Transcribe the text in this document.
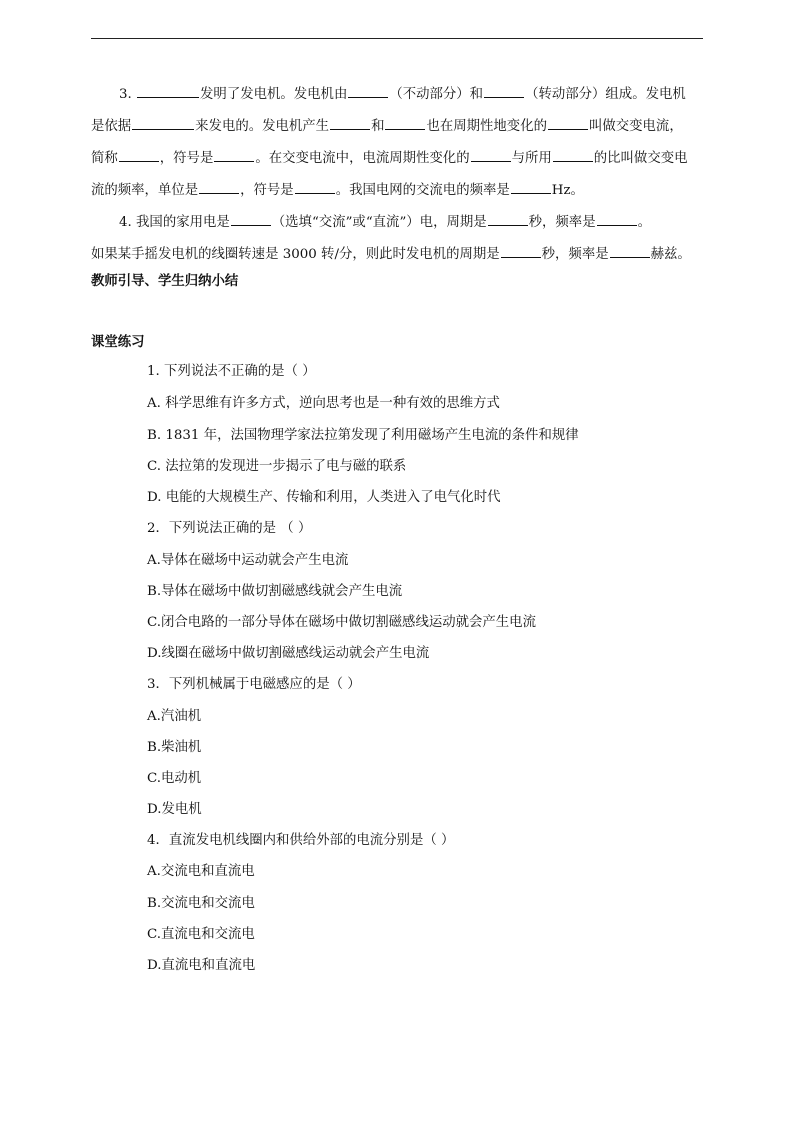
3.	发明了发电机。发电机由	（不动部分）和	（转动部分）组成。发电机
是依据	来发电的。发电机产生	和	也在周期性地变化的	叫做交变电流，
简称	，符号是	。在交变电流中，电流周期性变化的	与所用	的比叫做交变电
流的频率，单位是	，符号是	。我国电网的交流电的频率是	Hz。
4. 我国的家用电是	（选填“交流”或“直流”）电，周期是	秒，频率是	。
如果某手摇发电机的线圈转速是 3000 转/分，则此时发电机的周期是	秒，频率是	赫兹。
教师引导、学生归纳小结
课堂练习
1. 下列说法不正确的是（ ）
A. 科学思维有许多方式，逆向思考也是一种有效的思维方式
B. 1831 年，法国物理学家法拉第发现了利用磁场产生电流的条件和规律
C. 法拉第的发现进一步揭示了电与磁的联系
D. 电能的大规模生产、传输和利用，人类进入了电气化时代
2．下列说法正确的是 （ ）
A.导体在磁场中运动就会产生电流
B.导体在磁场中做切割磁感线就会产生电流
C.闭合电路的一部分导体在磁场中做切割磁感线运动就会产生电流
D.线圈在磁场中做切割磁感线运动就会产生电流
3．下列机械属于电磁感应的是（ ）
A.汽油机
B.柴油机
C.电动机
D.发电机
4．直流发电机线圈内和供给外部的电流分别是（ ）
A.交流电和直流电
B.交流电和交流电
C.直流电和交流电
D.直流电和直流电
